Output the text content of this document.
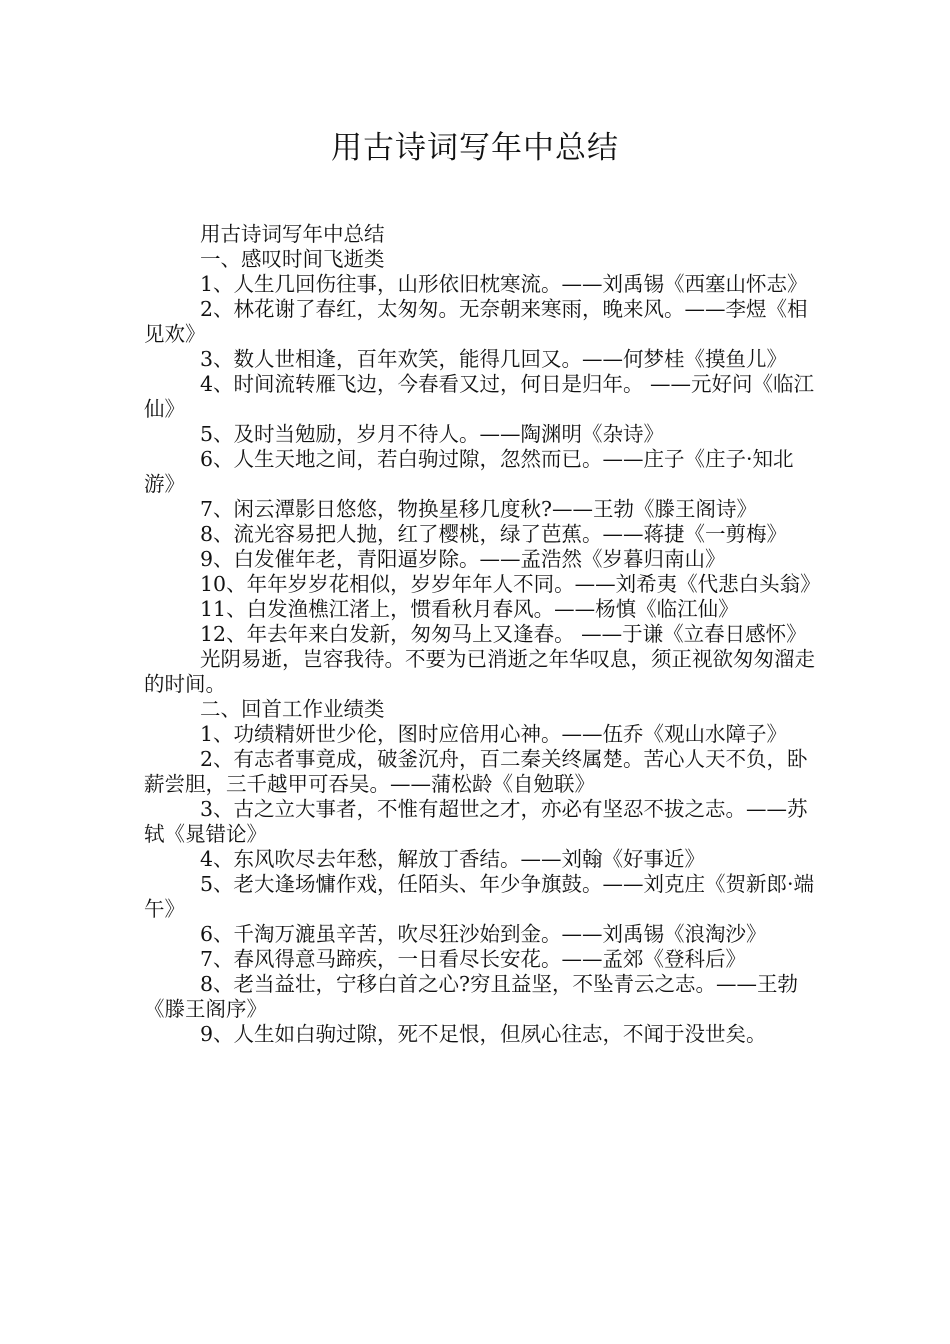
用古诗词写年中总结

用古诗词写年中总结

一、感叹时间飞逝类

1、人生几回伤往事，山形依旧枕寒流。——刘禹锡《西塞山怀志》

2、林花谢了春红，太匆匆。无奈朝来寒雨，晚来风。——李煜《相见欢》

3、数人世相逢，百年欢笑，能得几回又。——何梦桂《摸鱼儿》

4、时间流转雁飞边，今春看又过，何日是归年。 ——元好问《临江仙》

5、及时当勉励，岁月不待人。——陶渊明《杂诗》

6、人生天地之间，若白驹过隙，忽然而已。——庄子《庄子·知北游》

7、闲云潭影日悠悠，物换星移几度秋?——王勃《滕王阁诗》

8、流光容易把人抛，红了樱桃，绿了芭蕉。——蒋捷《一剪梅》

9、白发催年老，青阳逼岁除。——孟浩然《岁暮归南山》

10、年年岁岁花相似，岁岁年年人不同。——刘希夷《代悲白头翁》

11、白发渔樵江渚上，惯看秋月春风。——杨慎《临江仙》

12、年去年来白发新，匆匆马上又逢春。 ——于谦《立春日感怀》

光阴易逝，岂容我待。不要为已消逝之年华叹息，须正视欲匆匆溜走的时间。

二、回首工作业绩类

1、功绩精妍世少伦，图时应倍用心神。——伍乔《观山水障子》

2、有志者事竟成，破釜沉舟，百二秦关终属楚。苦心人天不负，卧薪尝胆，三千越甲可吞吴。——蒲松龄《自勉联》

3、古之立大事者，不惟有超世之才，亦必有坚忍不拔之志。——苏轼《晁错论》

4、东风吹尽去年愁，解放丁香结。——刘翰《好事近》

5、老大逢场慵作戏，任陌头、年少争旗鼓。——刘克庄《贺新郎·端午》

6、千淘万漉虽辛苦，吹尽狂沙始到金。——刘禹锡《浪淘沙》

7、春风得意马蹄疾，一日看尽长安花。——孟郊《登科后》

8、老当益壮，宁移白首之心?穷且益坚，不坠青云之志。——王勃《滕王阁序》

9、人生如白驹过隙，死不足恨，但夙心往志，不闻于没世矣。
